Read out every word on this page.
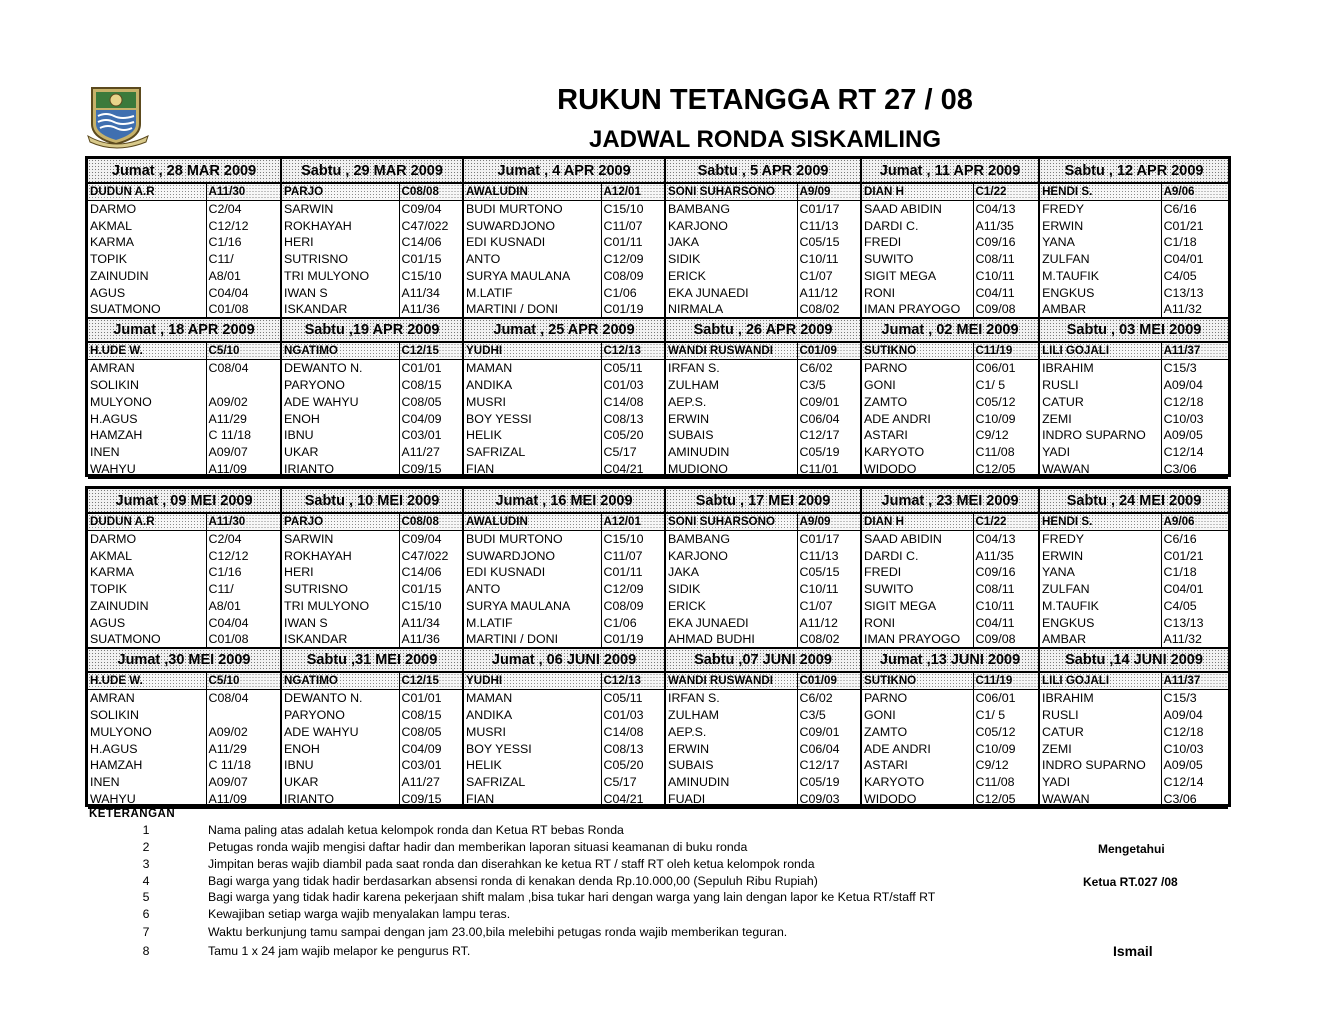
RUKUN TETANGGA RT 27 / 08
JADWAL RONDA SISKAMLING
Jumat , 28 MAR 2009		Sabtu , 29 MAR 2009		Jumat , 4 APR 2009		Sabtu , 5 APR 2009		Jumat , 11 APR 2009		Sabtu , 12 APR 2009	
DUDUN A.R	A11/30	PARJO	C08/08	AWALUDIN	A12/01	SONI SUHARSONO	A9/09	DIAN H	C1/22	HENDI S.	A9/06
DARMO	C2/04	SARWIN	C09/04	BUDI MURTONO	C15/10	BAMBANG	C01/17	SAAD ABIDIN	C04/13	FREDY	C6/16
AKMAL	C12/12	ROKHAYAH	C47/022	SUWARDJONO	C11/07	KARJONO	C11/13	DARDI C.	A11/35	ERWIN	C01/21
KARMA	C1/16	HERI	C14/06	EDI KUSNADI	C01/11	JAKA	C05/15	FREDI	C09/16	YANA	C1/18
TOPIK	C11/	SUTRISNO	C01/15	ANTO	C12/09	SIDIK	C10/11	SUWITO	C08/11	ZULFAN	C04/01
ZAINUDIN	A8/01	TRI MULYONO	C15/10	SURYA MAULANA	C08/09	ERICK	C1/07	SIGIT MEGA	C10/11	M.TAUFIK	C4/05
AGUS	C04/04	IWAN S	A11/34	M.LATIF	C1/06	EKA JUNAEDI	A11/12	RONI	C04/11	ENGKUS	C13/13
SUATMONO	C01/08	ISKANDAR	A11/36	MARTINI / DONI	C01/19	NIRMALA	C08/02	IMAN PRAYOGO	C09/08	AMBAR	A11/32
Jumat , 18 APR 2009		Sabtu ,19 APR 2009		Jumat , 25 APR 2009		Sabtu , 26 APR 2009		Jumat , 02 MEI 2009		Sabtu , 03 MEI 2009	
H.UDE W.	C5/10	NGATIMO	C12/15	YUDHI	C12/13	WANDI RUSWANDI	C01/09	SUTIKNO	C11/19	LILI GOJALI	A11/37
AMRAN	C08/04	DEWANTO N.	C01/01	MAMAN	C05/11	IRFAN S.	C6/02	PARNO	C06/01	IBRAHIM	C15/3
SOLIKIN		PARYONO	C08/15	ANDIKA	C01/03	ZULHAM	C3/5	GONI	C1/ 5	RUSLI	A09/04
MULYONO	A09/02	ADE WAHYU	C08/05	MUSRI	C14/08	AEP.S.	C09/01	ZAMTO	C05/12	CATUR	C12/18
H.AGUS	A11/29	ENOH	C04/09	BOY YESSI	C08/13	ERWIN	C06/04	ADE ANDRI	C10/09	ZEMI	C10/03
HAMZAH	C 11/18	IBNU	C03/01	HELIK	C05/20	SUBAIS	C12/17	ASTARI	C9/12	INDRO SUPARNO	A09/05
INEN	A09/07	UKAR	A11/27	SAFRIZAL	C5/17	AMINUDIN	C05/19	KARYOTO	C11/08	YADI	C12/14
WAHYU	A11/09	IRIANTO	C09/15	FIAN	C04/21	MUDIONO	C11/01	WIDODO	C12/05	WAWAN	C3/06
Jumat , 09 MEI 2009		Sabtu , 10 MEI 2009		Jumat , 16 MEI 2009		Sabtu , 17 MEI 2009		Jumat , 23 MEI 2009		Sabtu , 24 MEI 2009	
DUDUN A.R	A11/30	PARJO	C08/08	AWALUDIN	A12/01	SONI SUHARSONO	A9/09	DIAN H	C1/22	HENDI S.	A9/06
DARMO	C2/04	SARWIN	C09/04	BUDI MURTONO	C15/10	BAMBANG	C01/17	SAAD ABIDIN	C04/13	FREDY	C6/16
AKMAL	C12/12	ROKHAYAH	C47/022	SUWARDJONO	C11/07	KARJONO	C11/13	DARDI C.	A11/35	ERWIN	C01/21
KARMA	C1/16	HERI	C14/06	EDI KUSNADI	C01/11	JAKA	C05/15	FREDI	C09/16	YANA	C1/18
TOPIK	C11/	SUTRISNO	C01/15	ANTO	C12/09	SIDIK	C10/11	SUWITO	C08/11	ZULFAN	C04/01
ZAINUDIN	A8/01	TRI MULYONO	C15/10	SURYA MAULANA	C08/09	ERICK	C1/07	SIGIT MEGA	C10/11	M.TAUFIK	C4/05
AGUS	C04/04	IWAN S	A11/34	M.LATIF	C1/06	EKA JUNAEDI	A11/12	RONI	C04/11	ENGKUS	C13/13
SUATMONO	C01/08	ISKANDAR	A11/36	MARTINI / DONI	C01/19	AHMAD BUDHI	C08/02	IMAN PRAYOGO	C09/08	AMBAR	A11/32
Jumat ,30 MEI 2009		Sabtu ,31 MEI 2009		Jumat , 06 JUNI 2009		Sabtu ,07 JUNI 2009		Jumat ,13 JUNI 2009		Sabtu ,14 JUNI 2009	
H.UDE W.	C5/10	NGATIMO	C12/15	YUDHI	C12/13	WANDI RUSWANDI	C01/09	SUTIKNO	C11/19	LILI GOJALI	A11/37
AMRAN	C08/04	DEWANTO N.	C01/01	MAMAN	C05/11	IRFAN S.	C6/02	PARNO	C06/01	IBRAHIM	C15/3
SOLIKIN		PARYONO	C08/15	ANDIKA	C01/03	ZULHAM	C3/5	GONI	C1/ 5	RUSLI	A09/04
MULYONO	A09/02	ADE WAHYU	C08/05	MUSRI	C14/08	AEP.S.	C09/01	ZAMTO	C05/12	CATUR	C12/18
H.AGUS	A11/29	ENOH	C04/09	BOY YESSI	C08/13	ERWIN	C06/04	ADE ANDRI	C10/09	ZEMI	C10/03
HAMZAH	C 11/18	IBNU	C03/01	HELIK	C05/20	SUBAIS	C12/17	ASTARI	C9/12	INDRO SUPARNO	A09/05
INEN	A09/07	UKAR	A11/27	SAFRIZAL	C5/17	AMINUDIN	C05/19	KARYOTO	C11/08	YADI	C12/14
WAHYU	A11/09	IRIANTO	C09/15	FIAN	C04/21	FUADI	C09/03	WIDODO	C12/05	WAWAN	C3/06
KETERANGAN
1	Nama paling atas adalah ketua kelompok ronda dan Ketua RT bebas Ronda
2	Petugas ronda wajib mengisi daftar hadir dan memberikan laporan situasi keamanan di buku ronda
3	Jimpitan beras wajib diambil pada saat ronda dan diserahkan ke ketua RT / staff RT oleh ketua kelompok ronda
4	Bagi warga yang tidak hadir berdasarkan absensi ronda di kenakan denda Rp.10.000,00 (Sepuluh Ribu Rupiah)
5	Bagi warga yang tidak hadir karena pekerjaan shift malam ,bisa tukar hari dengan warga yang lain dengan lapor ke Ketua RT/staff RT
6	Kewajiban setiap warga wajib menyalakan lampu teras.
7	Waktu berkunjung tamu sampai dengan jam 23.00,bila melebihi petugas ronda wajib memberikan teguran.
8	Tamu 1 x 24 jam wajib melapor ke pengurus RT.
Mengetahui
Ketua RT.027 /08
Ismail
